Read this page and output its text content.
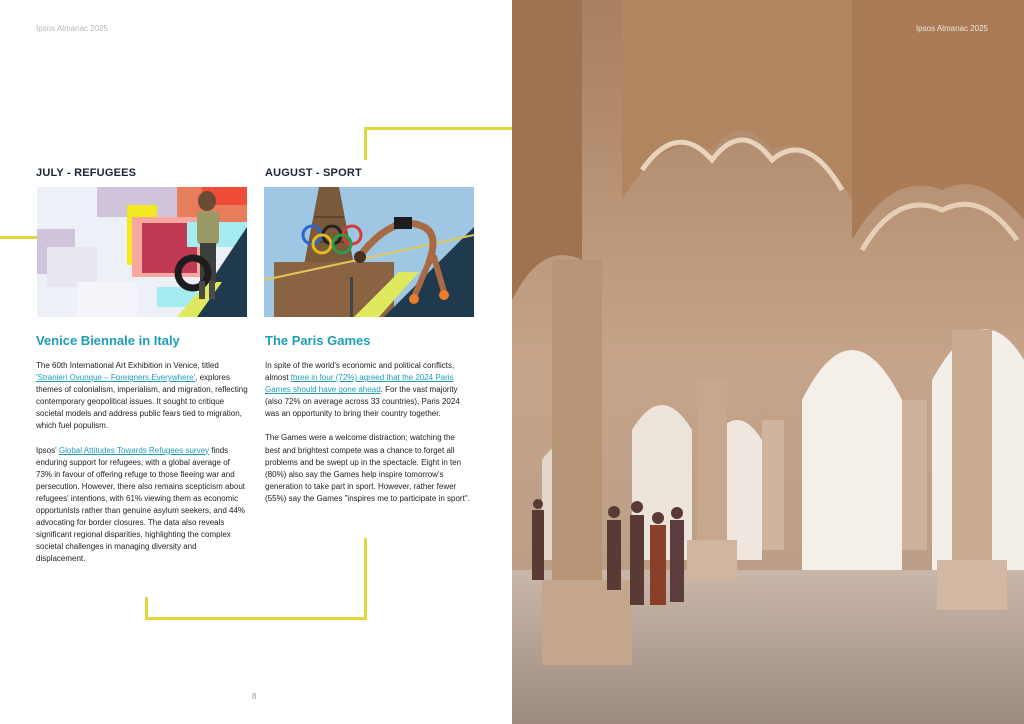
Ipsos Almanac 2025
JULY - REFUGEES
Venice Biennale in Italy

The 60th International Art Exhibition in Venice, titled 'Stranieri Ovunque – Foreigners Everywhere', explores themes of colonialism, imperialism, and migration, reflecting contemporary geopolitical issues. It sought to critique societal models and address public fears tied to migration, which fuel populism.

Ipsos' Global Attitudes Towards Refugees survey finds enduring support for refugees, with a global average of 73% in favour of offering refuge to those fleeing war and persecution. However, there also remains scepticism about refugees' intentions, with 61% viewing them as economic opportunists rather than genuine asylum seekers, and 44% advocating for border closures. The data also reveals significant regional disparities, highlighting the complex societal challenges in managing diversity and displacement.

AUGUST - SPORT
The Paris Games

In spite of the world's economic and political conflicts, almost three in four (72%) agreed that the 2024 Paris Games should have gone ahead. For the vast majority (also 72% on average across 33 countries), Paris 2024 was an opportunity to bring their country together.

The Games were a welcome distraction; watching the best and brightest compete was a chance to forget all problems and be swept up in the spectacle. Eight in ten (80%) also say the Games help inspire tomorrow's generation to take part in sport. However, rather fewer (55%) say the Games "inspires me to participate in sport".

8
Ipsos Almanac 2025
